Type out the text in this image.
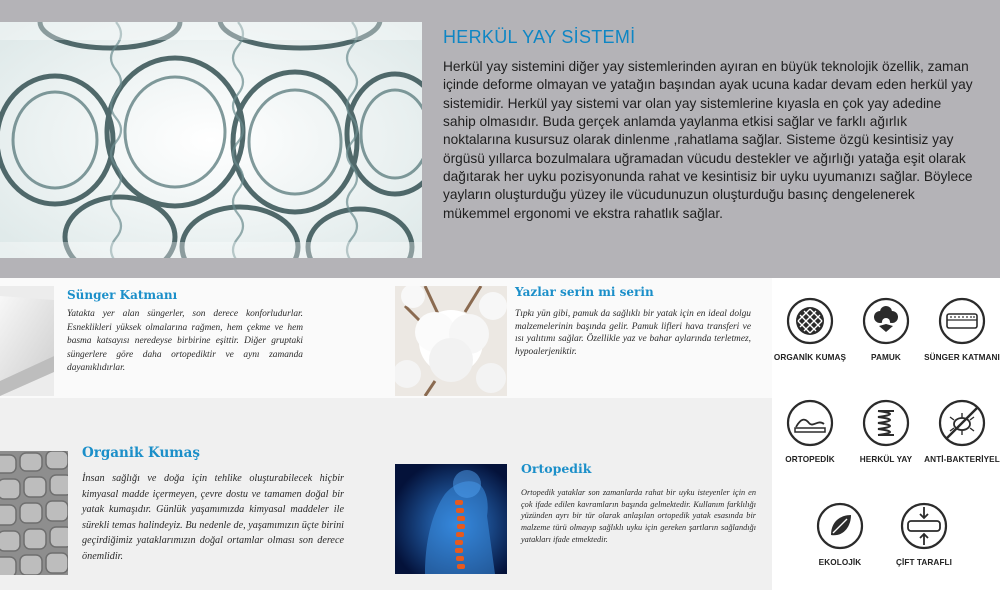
HERKÜL YAY SİSTEMİ

Herkül yay sistemini diğer yay sistemlerinden ayıran en büyük teknolojik özellik, zaman içinde deforme olmayan ve yatağın başından ayak ucuna kadar devam eden herkül yay sistemidir. Herkül yay sistemi var olan yay sistemlerine kıyasla en çok yay adedine sahip olmasıdır. Buda gerçek anlamda yaylanma etkisi sağlar ve farklı ağırlık noktalarına kusursuz olarak dinlenme ,rahatlama sağlar. Sisteme özgü kesintisiz yay örgüsü yıllarca bozulmalara uğramadan vücudu destekler ve ağırlığı yatağa eşit olarak dağıtarak her uyku pozisyonunda rahat ve kesintisiz bir uyku uyumanızı sağlar. Böylece yayların oluşturduğu yüzey ile vücudunuzun oluşturduğu basınç dengelenerek mükemmel ergonomi ve ekstra rahatlık sağlar.

Sünger Katmanı

Yatakta yer alan süngerler, son derece konforludurlar. Esneklikleri yüksek olmalarına rağmen, hem çekme ve hem basma katsayısı neredeyse birbirine eşittir. Diğer gruptaki süngerlere göre daha ortopediktir ve aynı zamanda dayanıklıdırlar.

Yazlar serin mi serin

Tıpkı yün gibi, pamuk da sağlıklı bir yatak için en ideal dolgu malzemelerinin başında gelir. Pamuk lifleri hava transferi ve ısı yalıtımı sağlar. Özellikle yaz ve bahar aylarında terletmez, hypoalerjeniktir.

Organik Kumaş

İnsan sağlığı ve doğa için tehlike oluşturabilecek hiçbir kimyasal madde içermeyen, çevre dostu ve tamamen doğal bir yatak kumaşıdır. Günlük yaşamımızda kimyasal maddeler ile sürekli temas halindeyiz. Bu nedenle de, yaşamımızın üçte birini geçirdiğimiz yataklarımızın doğal ortamlar olması son derece önemlidir.

Ortopedik

Ortopedik yataklar son zamanlarda rahat bir uyku isteyenler için en çok ifade edilen kavramların başında gelmektedir. Kullanım farklılığı yüzünden ayrı bir tür olarak anlaşılan ortopedik yatak esasında bir malzeme türü olmayıp sağlıklı uyku için gereken şartların sağlandığı yatakları ifade etmektedir.

ORGANİK KUMAŞ	PAMUK	SÜNGER KATMANI
ORTOPEDİK	HERKÜL YAY	ANTİ-BAKTERİYEL
EKOLOJİK	ÇİFT TARAFLI
